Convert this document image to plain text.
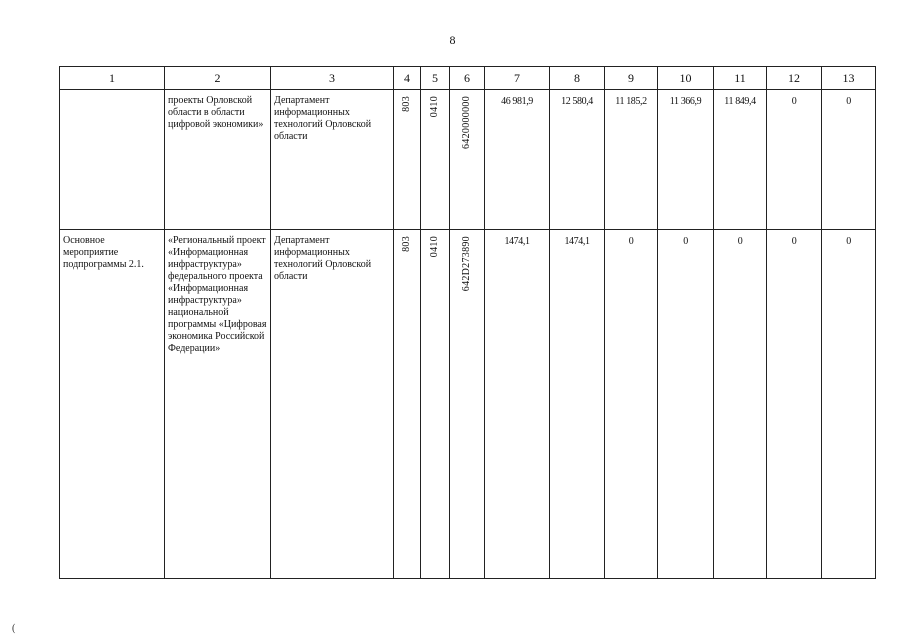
8
1	2	3	4	5	6	7	8	9	10	11	12	13
	проекты Орловской области в области цифровой экономики»	Департамент информационных технологий Орловской области	803	0410	6420000000	46 981,9	12 580,4	11 185,2	11 366,9	11 849,4	0	0
Основное мероприятие подпрограммы 2.1.	«Региональный проект «Информационная инфраструктура» федерального проекта «Информационная инфраструктура» национальной программы «Цифровая экономика Российской Федерации»	Департамент информационных технологий Орловской области	803	0410	642D273890	1474,1	1474,1	0	0	0	0	0
(
